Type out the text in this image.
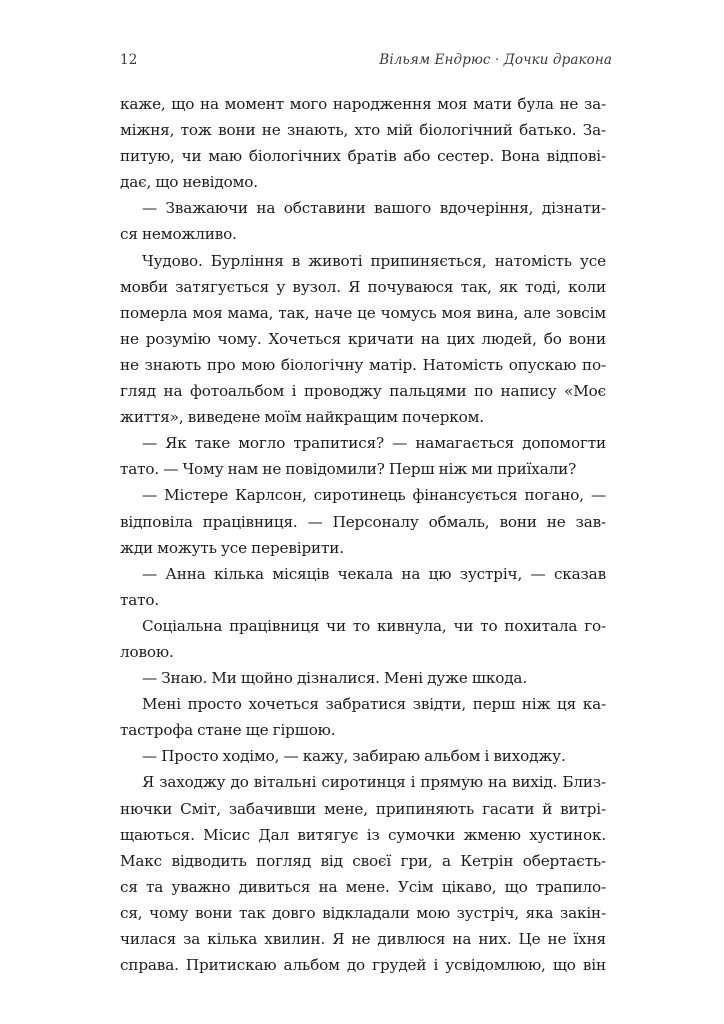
12	Вільям Ендрюс · Дочки дракона
каже, що на момент мого народження моя мати була не за-
міжня, тож вони не знають, хто мій біологічний батько. За-
питую, чи маю біологічних братів або сестер. Вона відпові-
дає, що невідомо.
— Зважаючи на обставини вашого вдочеріння, дізнати-
ся неможливо.
Чудово. Бурління в животі припиняється, натомість усе
мовби затягується у вузол. Я почуваюся так, як тоді, коли
померла моя мама, так, наче це чомусь моя вина, але зовсім
не розумію чому. Хочеться кричати на цих людей, бо вони
не знають про мою біологічну матір. Натомість опускаю по-
гляд на фотоальбом і проводжу пальцями по напису «Моє
життя», виведене моїм найкращим почерком.
— Як таке могло трапитися? — намагається допомогти
тато. — Чому нам не повідомили? Перш ніж ми приїхали?
— Містере Карлсон, сиротинець фінансується погано, —
відповіла працівниця. — Персоналу обмаль, вони не зав-
жди можуть усе перевірити.
— Анна кілька місяців чекала на цю зустріч, — сказав
тато.
Соціальна працівниця чи то кивнула, чи то похитала го-
ловою.
— Знаю. Ми щойно дізналися. Мені дуже шкода.
Мені просто хочеться забратися звідти, перш ніж ця ка-
тастрофа стане ще гіршою.
— Просто ходімо, — кажу, забираю альбом і виходжу.
Я заходжу до вітальні сиротинця і прямую на вихід. Близ-
нючки Сміт, забачивши мене, припиняють гасати й витрі-
щаються. Місис Дал витягує із сумочки жменю хустинок.
Макс відводить погляд від своєї гри, а Кетрін обертаєть-
ся та уважно дивиться на мене. Усім цікаво, що трапило-
ся, чому вони так довго відкладали мою зустріч, яка закін-
чилася за кілька хвилин. Я не дивлюся на них. Це не їхня
справа. Притискаю альбом до грудей і усвідомлюю, що він
